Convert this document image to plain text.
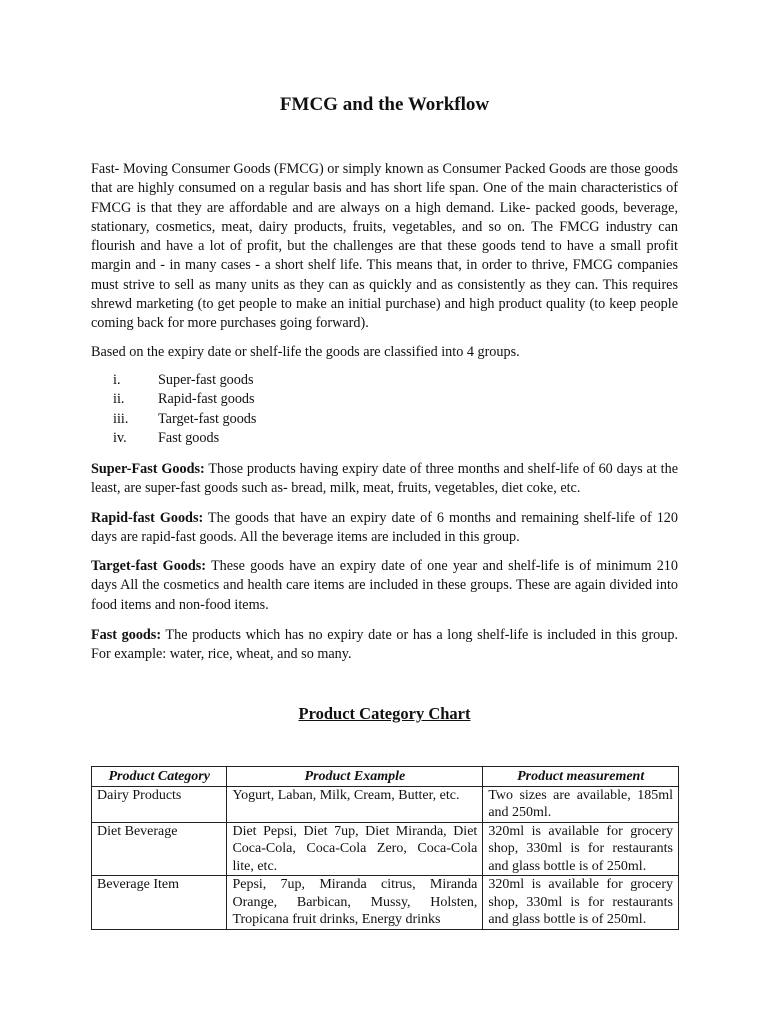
FMCG and the Workflow

Fast- Moving Consumer Goods (FMCG) or simply known as Consumer Packed Goods are those goods that are highly consumed on a regular basis and has short life span. One of the main characteristics of FMCG is that they are affordable and are always on a high demand. Like- packed goods, beverage, stationary, cosmetics, meat, dairy products, fruits, vegetables, and so on. The FMCG industry can flourish and have a lot of profit, but the challenges are that these goods tend to have a small profit margin and - in many cases - a short shelf life. This means that, in order to thrive, FMCG companies must strive to sell as many units as they can as quickly and as consistently as they can. This requires shrewd marketing (to get people to make an initial purchase) and high product quality (to keep people coming back for more purchases going forward).

Based on the expiry date or shelf-life the goods are classified into 4 groups.

i.	Super-fast goods
ii. Rapid-fast goods
iii. Target-fast goods
iv. Fast goods

Super-Fast Goods: Those products having expiry date of three months and shelf-life of 60 days at the least, are super-fast goods such as- bread, milk, meat, fruits, vegetables, diet coke, etc.

Rapid-fast Goods: The goods that have an expiry date of 6 months and remaining shelf-life of 120 days are rapid-fast goods. All the beverage items are included in this group.

Target-fast Goods: These goods have an expiry date of one year and shelf-life is of minimum 210 days All the cosmetics and health care items are included in these groups. These are again divided into food items and non-food items.

Fast goods: The products which has no expiry date or has a long shelf-life is included in this group. For example: water, rice, wheat, and so many.

Product Category Chart
Product Category	Product Example	Product measurement
Dairy Products	Yogurt, Laban, Milk, Cream, Butter, etc.	Two sizes are available, 185ml and 250ml.
Diet Beverage	Diet Pepsi, Diet 7up, Diet Miranda, Diet Coca-Cola, Coca-Cola Zero, Coca-Cola lite, etc.	320ml is available for grocery shop, 330ml is for restaurants and glass bottle is of 250ml.
Beverage Item	Pepsi, 7up, Miranda citrus, Miranda Orange, Barbican, Mussy, Holsten, Tropicana fruit drinks, Energy drinks	320ml is available for grocery shop, 330ml is for restaurants and glass bottle is of 250ml.
